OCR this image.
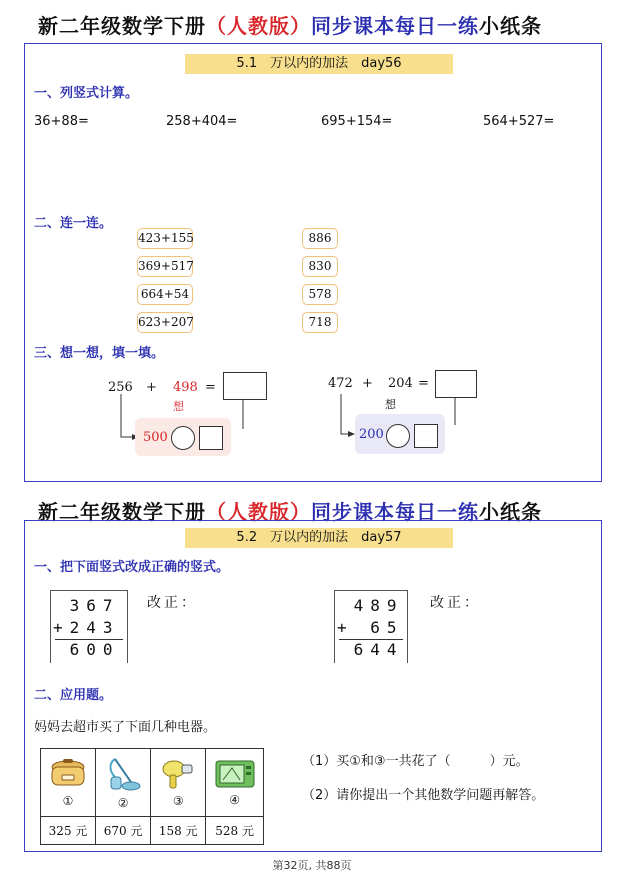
新二年级数学下册（人教版）同步课本每日一练小纸条
5.1　万以内的加法　day56
一、列竖式计算。
36+88=	258+404=	695+154=	564+527=
二、连一连。
423+155
369+517
664+54
623+207
886
830
578
718
三、想一想，填一填。
256 + 498 =
想
500
472 + 204 =
想
200
新二年级数学下册（人教版）同步课本每日一练小纸条
5.2　万以内的加法　day57
一、把下面竖式改成正确的竖式。
367
+243
600
改正：	489
+ 65
644
改正：
二、应用题。
妈妈去超市买了下面几种电器。
①	②	③	④

325 元	670 元	158 元	528 元
（1）买①和③一共花了（　　　）元。
（2）请你提出一个其他数学问题再解答。
第32页, 共88页
